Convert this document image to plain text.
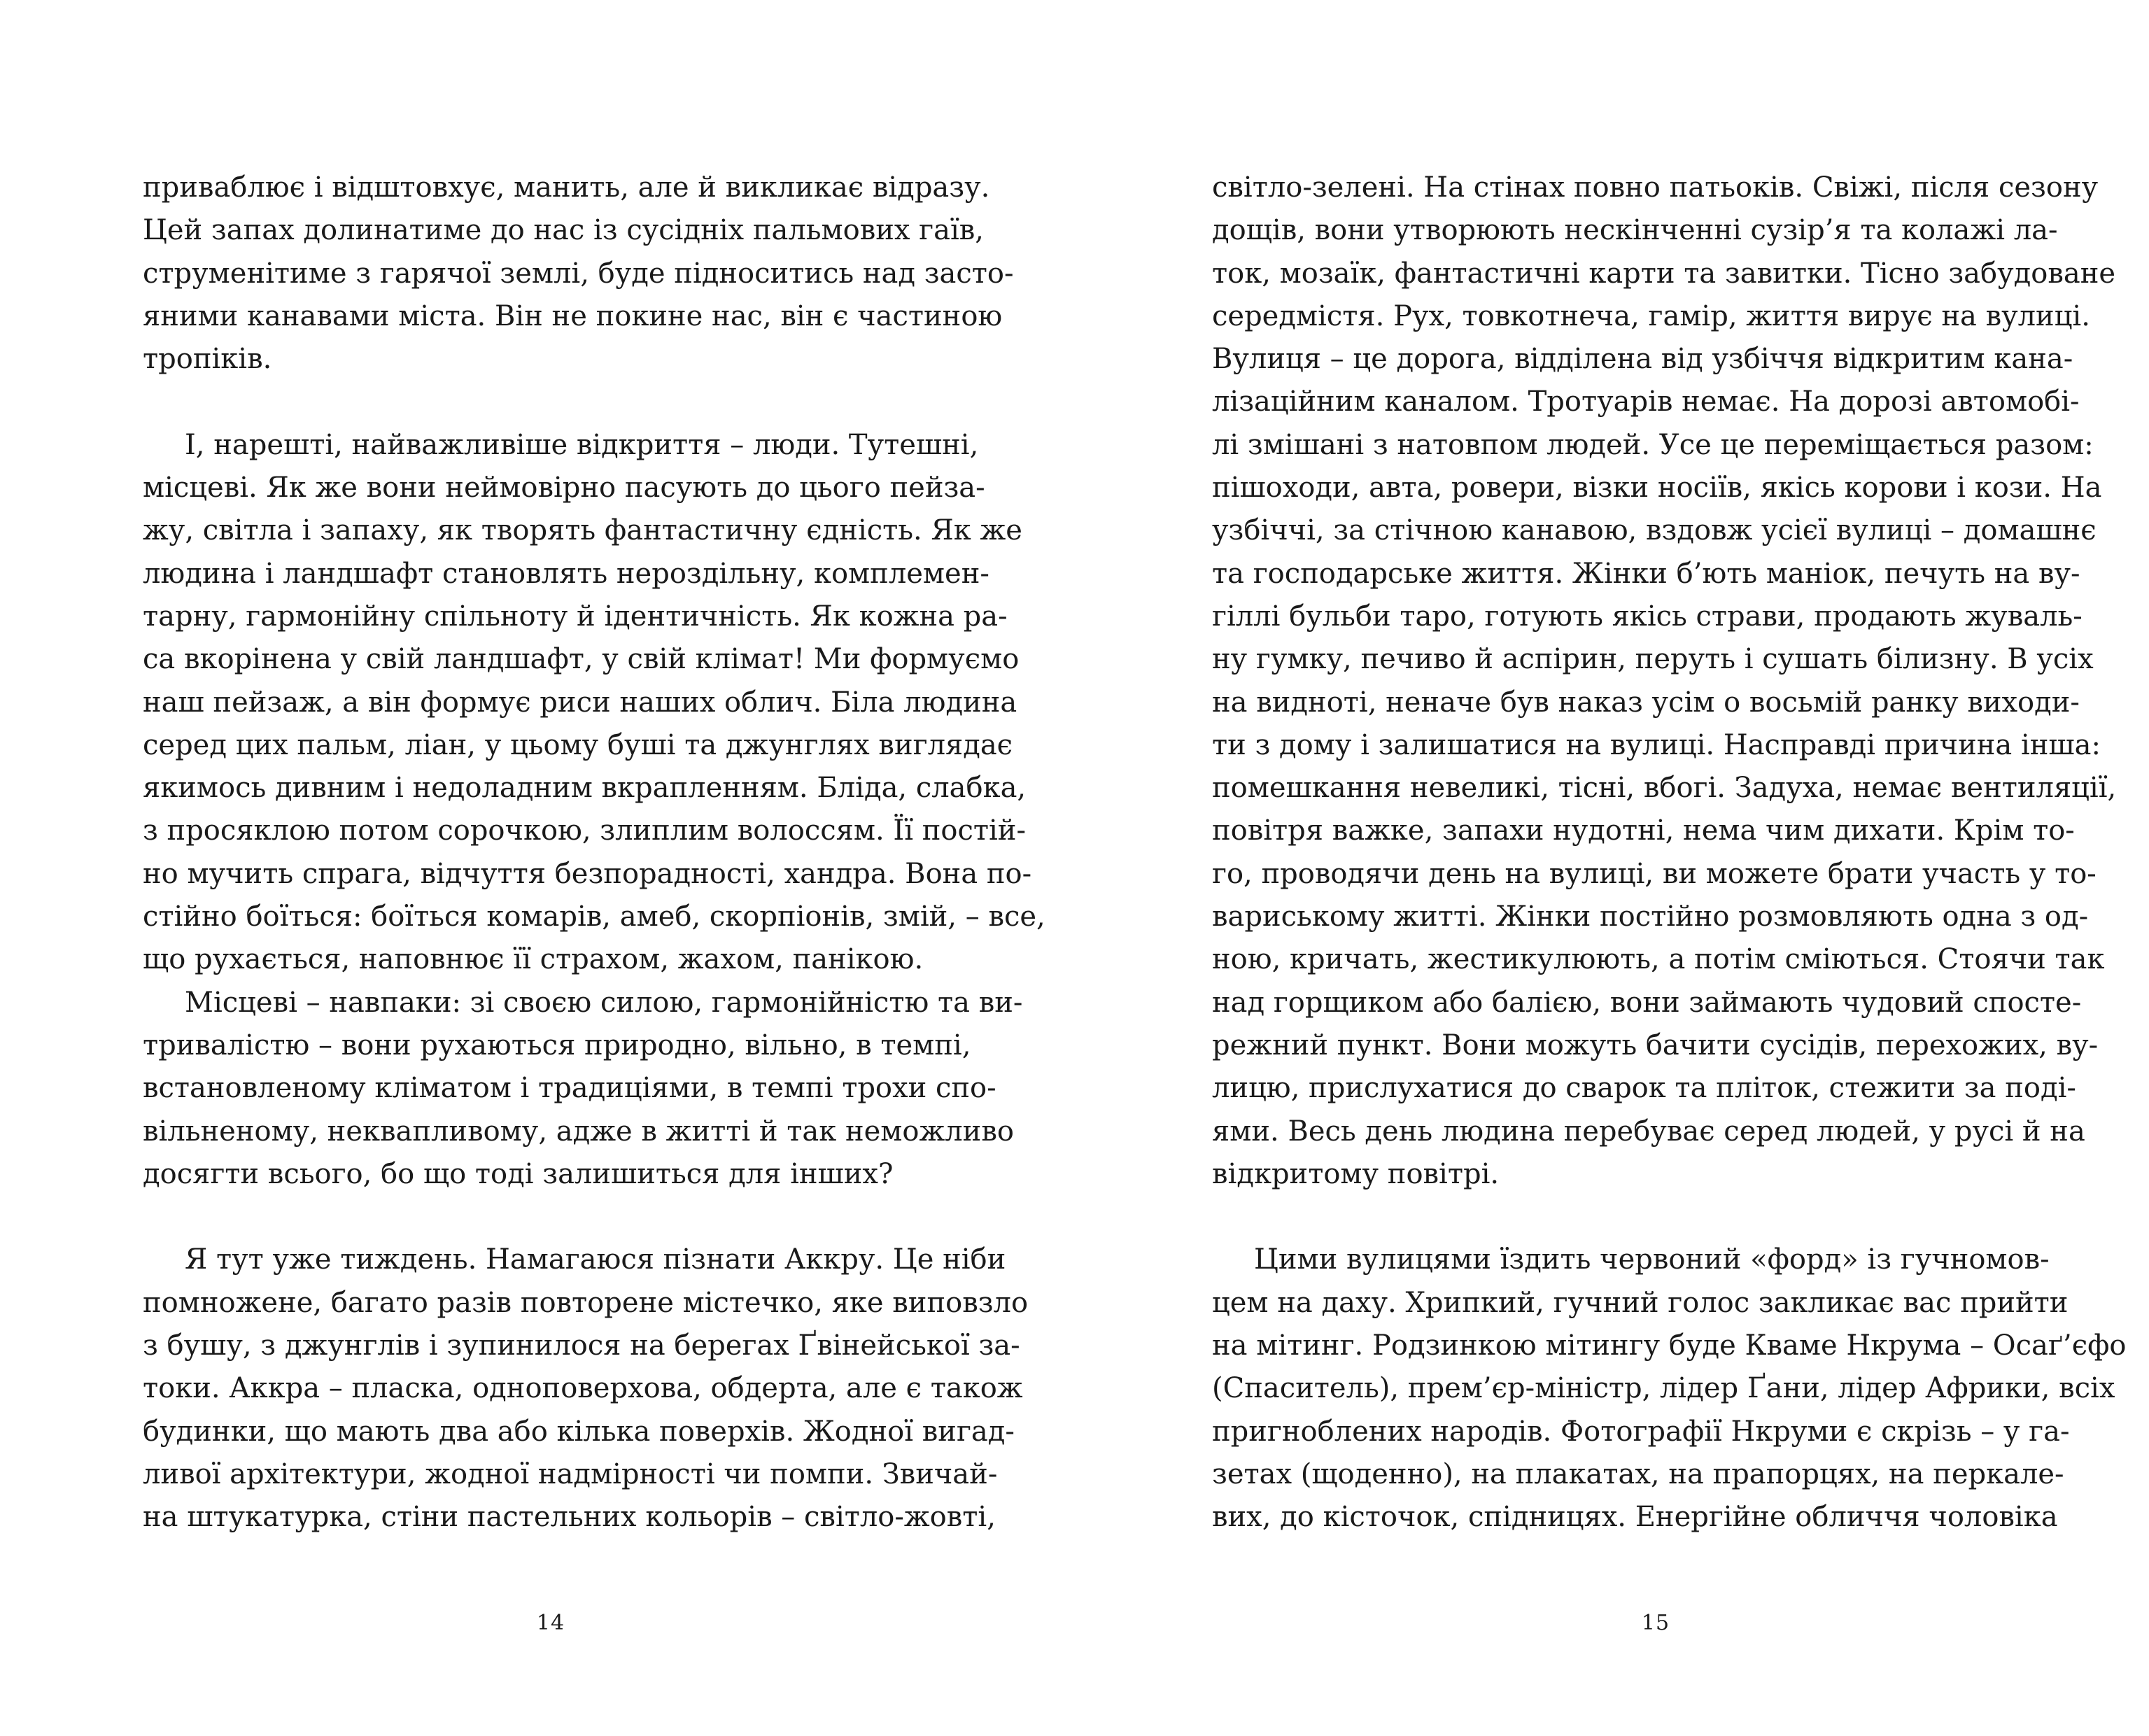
приваблює і відштовхує, манить, але й викликає відразу.
Цей запах долинатиме до нас із сусідніх пальмових гаїв,
струменітиме з гарячої землі, буде підноситись над засто-
яними канавами міста. Він не покине нас, він є частиною
тропіків.
І, нарешті, найважливіше відкриття – люди. Тутешні,
місцеві. Як же вони неймовірно пасують до цього пейза-
жу, світла і запаху, як творять фантастичну єдність. Як же
людина і ландшафт становлять нероздільну, комплемен-
тарну, гармонійну спільноту й ідентичність. Як кожна ра-
са вкорінена у свій ландшафт, у свій клімат! Ми формуємо
наш пейзаж, а він формує риси наших облич. Біла людина
серед цих пальм, ліан, у цьому буші та джунглях виглядає
якимось дивним і недоладним вкрапленням. Бліда, слабка,
з просяклою потом сорочкою, злиплим волоссям. Її постій-
но мучить спрага, відчуття безпорадності, хандра. Вона по-
стійно боїться: боїться комарів, амеб, скорпіонів, змій, – все,
що рухається, наповнює її страхом, жахом, панікою.
Місцеві – навпаки: зі своєю силою, гармонійністю та ви-
тривалістю – вони рухаються природно, вільно, в темпі,
встановленому кліматом і традиціями, в темпі трохи спо-
вільненому, неквапливому, адже в житті й так неможливо
досягти всього, бо що тоді залишиться для інших?
Я тут уже тиждень. Намагаюся пізнати Аккру. Це ніби
помножене, багато разів повторене містечко, яке виповзло
з бушу, з джунглів і зупинилося на берегах Ґвінейської за-
токи. Аккра – пласка, одноповерхова, обдерта, але є також
будинки, що мають два або кілька поверхів. Жодної вигад-
ливої архітектури, жодної надмірності чи помпи. Звичай-
на штукатурка, стіни пастельних кольорів – світло-жовті,
14
світло-зелені. На стінах повно патьоків. Свіжі, після сезону
дощів, вони утворюють нескінченні сузір’я та колажі ла-
ток, мозаїк, фантастичні карти та завитки. Тісно забудоване
середмістя. Рух, товкотнеча, гамір, життя вирує на вулиці.
Вулиця – це дорога, відділена від узбіччя відкритим кана-
лізаційним каналом. Тротуарів немає. На дорозі автомобі-
лі змішані з натовпом людей. Усе це переміщається разом:
пішоходи, авта, ровери, візки носіїв, якісь корови і кози. На
узбіччі, за стічною канавою, вздовж усієї вулиці – домашнє
та господарське життя. Жінки б’ють маніок, печуть на ву-
гіллі бульби таро, готують якісь страви, продають жуваль-
ну гумку, печиво й аспірин, перуть і сушать білизну. В усіх
на видноті, неначе був наказ усім о восьмій ранку виходи-
ти з дому і залишатися на вулиці. Насправді причина інша:
помешкання невеликі, тісні, вбогі. Задуха, немає вентиляції,
повітря важке, запахи нудотні, нема чим дихати. Крім то-
го, проводячи день на вулиці, ви можете брати участь у то-
вариському житті. Жінки постійно розмовляють одна з од-
ною, кричать, жестикулюють, а потім сміються. Стоячи так
над горщиком або балією, вони займають чудовий спосте-
режний пункт. Вони можуть бачити сусідів, перехожих, ву-
лицю, прислухатися до сварок та пліток, стежити за поді-
ями. Весь день людина перебуває серед людей, у русі й на
відкритому повітрі.
Цими вулицями їздить червоний «форд» із гучномов-
цем на даху. Хрипкий, гучний голос закликає вас прийти
на мітинг. Родзинкою мітингу буде Кваме Нкрума – Осаґ’єфо
(Спаситель), прем’єр-міністр, лідер Ґани, лідер Африки, всіх
пригноблених народів. Фотографії Нкруми є скрізь – у га-
зетах (щоденно), на плакатах, на прапорцях, на перкале-
вих, до кісточок, спідницях. Енергійне обличчя чоловіка
15
